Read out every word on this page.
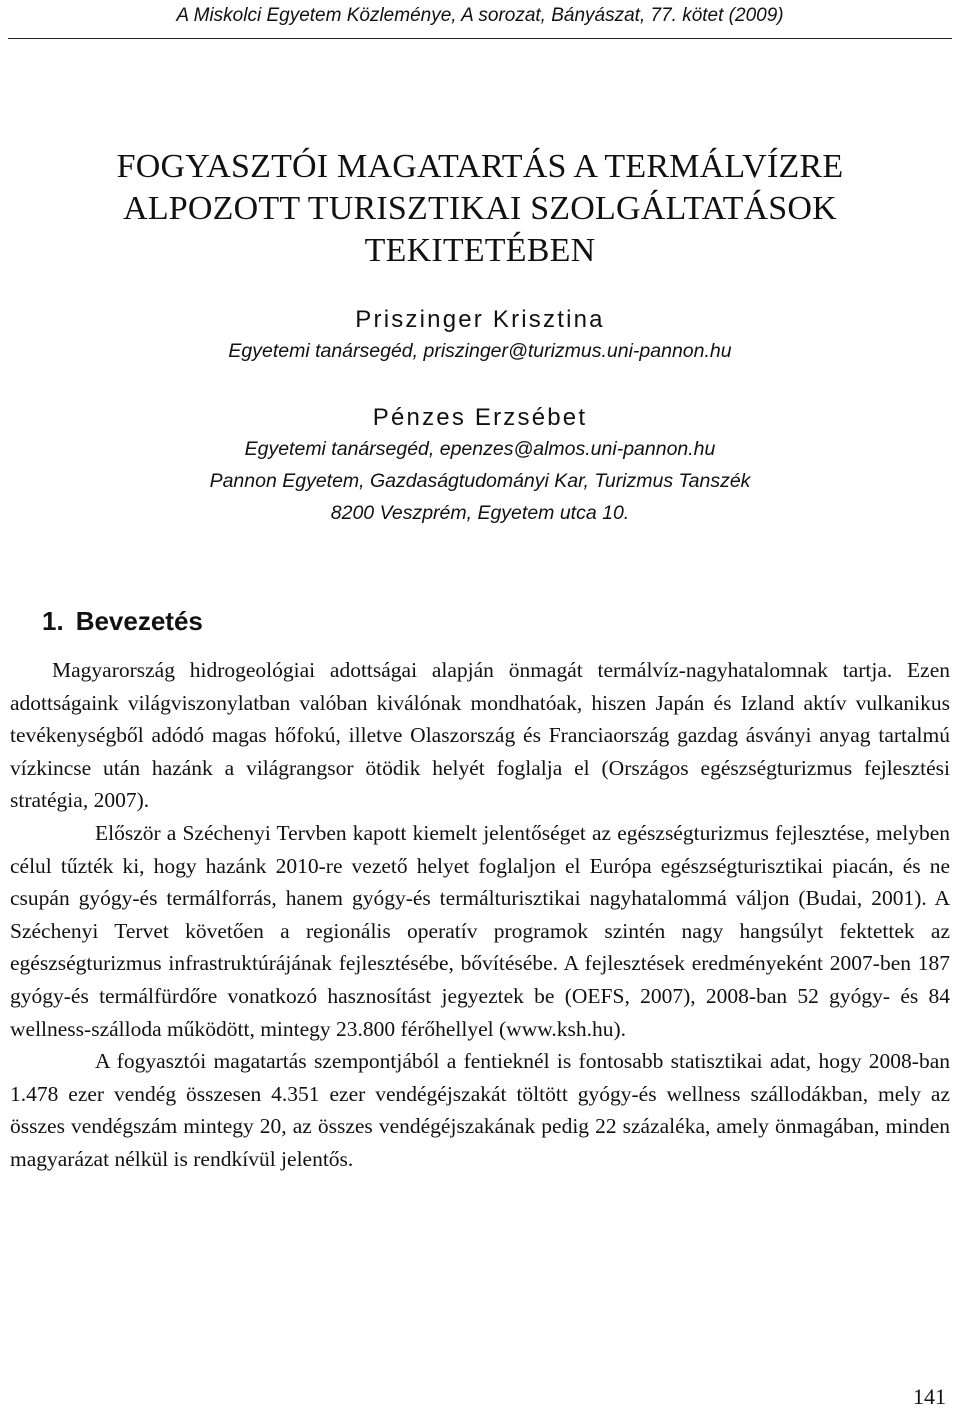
A Miskolci Egyetem Közleménye, A sorozat, Bányászat, 77. kötet (2009)
FOGYASZTÓI MAGATARTÁS A TERMÁLVÍZRE
ALPOZOTT TURISZTIKAI SZOLGÁLTATÁSOK
TEKITETÉBEN
Priszinger Krisztina
Egyetemi tanársegéd, priszinger@turizmus.uni-pannon.hu
Pénzes Erzsébet
Egyetemi tanársegéd, epenzes@almos.uni-pannon.hu
Pannon Egyetem, Gazdaságtudományi Kar, Turizmus Tanszék
8200 Veszprém, Egyetem utca 10.
1. Bevezetés

Magyarország hidrogeológiai adottságai alapján önmagát termálvíz-nagyhatalomnak tartja. Ezen adottságaink világviszonylatban valóban kiválónak mondhatóak, hiszen Japán és Izland aktív vulkanikus tevékenységből adódó magas hőfokú, illetve Olaszország és Franciaország gazdag ásványi anyag tartalmú vízkincse után hazánk a világrangsor ötödik helyét foglalja el (Országos egészségturizmus fejlesztési stratégia, 2007).

Először a Széchenyi Tervben kapott kiemelt jelentőséget az egészségturizmus fejlesztése, melyben célul tűzték ki, hogy hazánk 2010-re vezető helyet foglaljon el Európa egészségturisztikai piacán, és ne csupán gyógy-és termálforrás, hanem gyógy-és termálturisztikai nagyhatalommá váljon (Budai, 2001). A Széchenyi Tervet követően a regionális operatív programok szintén nagy hangsúlyt fektettek az egészségturizmus infrastruktúrájának fejlesztésébe, bővítésébe. A fejlesztések eredményeként 2007-ben 187 gyógy-és termálfürdőre vonatkozó hasznosítást jegyeztek be (OEFS, 2007), 2008-ban 52 gyógy- és 84 wellness-szálloda működött, mintegy 23.800 férőhellyel (www.ksh.hu).

A fogyasztói magatartás szempontjából a fentieknél is fontosabb statisztikai adat, hogy 2008-ban 1.478 ezer vendég összesen 4.351 ezer vendégéjszakát töltött gyógy-és wellness szállodákban, mely az összes vendégszám mintegy 20, az összes vendégéjszakának pedig 22 százaléka, amely önmagában, minden magyarázat nélkül is rendkívül jelentős.

141
